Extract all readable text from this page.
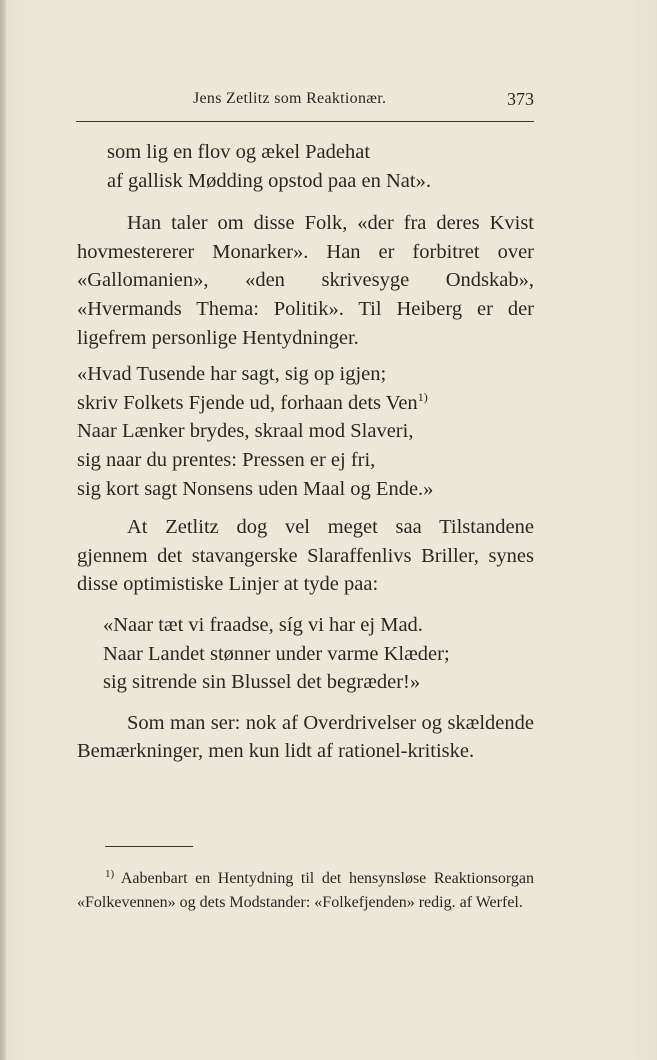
Jens Zetlitz som Reaktionær.	373
som lig en flov og ækel Padehat
af gallisk Mødding opstod paa en Nat».

Han taler om disse Folk, «der fra deres Kvist hovmestererer Monarker». Han er forbitret over «Gallomanien», «den skrivesyge Ondskab», «Hvermands Thema: Politik». Til Heiberg er der ligefrem personlige Hentydninger.

«Hvad Tusende har sagt, sig op igjen;
skriv Folkets Fjende ud, forhaan dets Ven$^{1)}$
Naar Lænker brydes, skraal mod Slaveri,
sig naar du prentes: Pressen er ej fri,
sig kort sagt Nonsens uden Maal og Ende.»

At Zetlitz dog vel meget saa Tilstandene gjennem det stavangerske Slaraffenlivs Briller, synes disse optimistiske Linjer at tyde paa:

«Naar tæt vi fraadse, síg vi har ej Mad.
Naar Landet stønner under varme Klæder;
sig sitrende sin Blussel det begræder!»

Som man ser: nok af Overdrivelser og skældende Bemærkninger, men kun lidt af rationel-kritiske.

$^{1)}$ Aabenbart en Hentydning til det hensynsløse Reaktionsorgan «Folkevennen» og dets Modstander: «Folkefjenden» redig. af Werfel.
